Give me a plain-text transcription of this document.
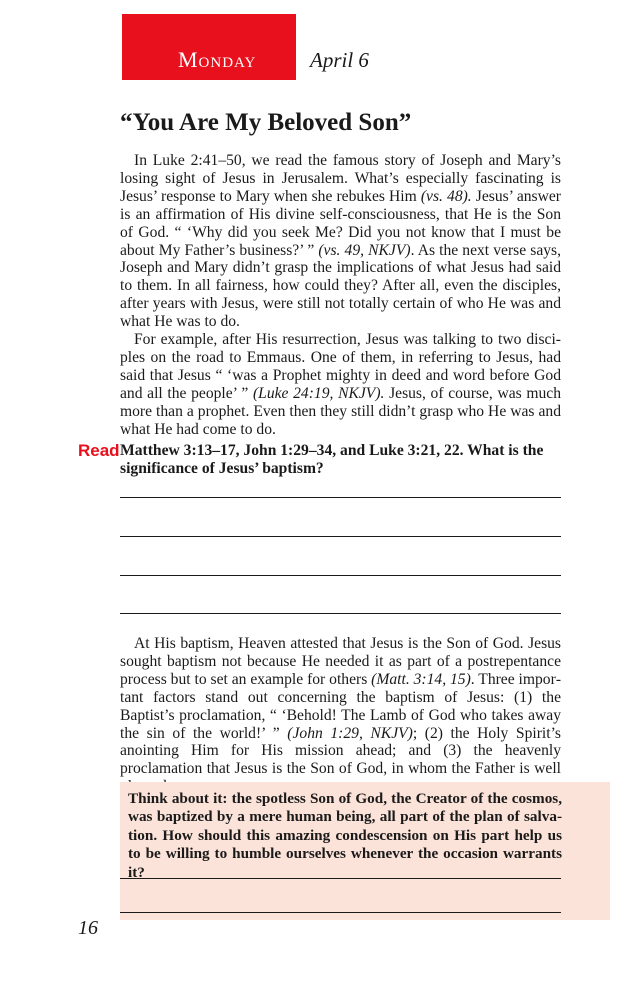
Monday	April 6
“You Are My Beloved Son”

In Luke 2:41–50, we read the famous story of Joseph and Mary’s losing sight of Jesus in Jerusalem. What’s especially fascinating is Jesus’ response to Mary when she rebukes Him (vs. 48). Jesus’ answer is an affirmation of His divine self-consciousness, that He is the Son of God. “ ‘Why did you seek Me? Did you not know that I must be about My Father’s business?’ ” (vs. 49, NKJV). As the next verse says, Joseph and Mary didn’t grasp the implications of what Jesus had said to them. In all fairness, how could they? After all, even the disciples, after years with Jesus, were still not totally certain of who He was and what He was to do.

For example, after His resurrection, Jesus was talking to two disciples on the road to Emmaus. One of them, in referring to Jesus, had said that Jesus “ ‘was a Prophet mighty in deed and word before God and all the people’ ” (Luke 24:19, NKJV). Jesus, of course, was much more than a prophet. Even then they still didn’t grasp who He was and what He had come to do.

Read Matthew 3:13–17, John 1:29–34, and Luke 3:21, 22. What is the significance of Jesus’ baptism?

At His baptism, Heaven attested that Jesus is the Son of God. Jesus sought baptism not because He needed it as part of a postrepentance process but to set an example for others (Matt. 3:14, 15). Three important factors stand out concerning the baptism of Jesus: (1) the Baptist’s proclamation, “ ‘Behold! The Lamb of God who takes away the sin of the world!’ ” (John 1:29, NKJV); (2) the Holy Spirit’s anointing Him for His mission ahead; and (3) the heavenly proclamation that Jesus is the Son of God, in whom the Father is well

Think about it: the spotless Son of God, the Creator of the cosmos, was baptized by a mere human being, all part of the plan of salvation. How should this amazing condescension on His part help us to be willing to humble ourselves whenever the occasion warrants it?

16
